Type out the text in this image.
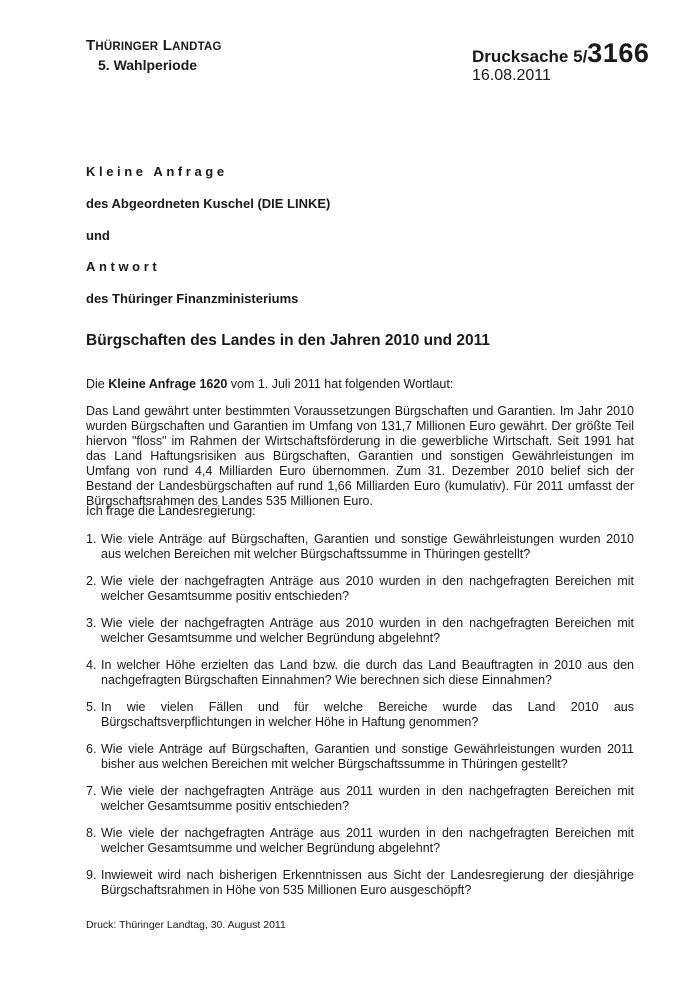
THÜRINGER LANDTAG
5. Wahlperiode	Drucksache 5/3166
16.08.2011
Kleine Anfrage
des Abgeordneten Kuschel (DIE LINKE)
und
Antwort
des Thüringer Finanzministeriums
Bürgschaften des Landes in den Jahren 2010 und 2011
Die Kleine Anfrage 1620 vom 1. Juli 2011 hat folgenden Wortlaut:
Das Land gewährt unter bestimmten Voraussetzungen Bürgschaften und Garantien. Im Jahr 2010 wurden Bürgschaften und Garantien im Umfang von 131,7 Millionen Euro gewährt. Der größte Teil hiervon "floss" im Rahmen der Wirtschaftsförderung in die gewerbliche Wirtschaft. Seit 1991 hat das Land Haftungsrisiken aus Bürgschaften, Garantien und sonstigen Gewährleistungen im Umfang von rund 4,4 Milliarden Euro übernommen. Zum 31. Dezember 2010 belief sich der Bestand der Landesbürgschaften auf rund 1,66 Milliarden Euro (kumulativ). Für 2011 umfasst der Bürgschaftsrahmen des Landes 535 Millionen Euro.
Ich frage die Landesregierung:
1. Wie viele Anträge auf Bürgschaften, Garantien und sonstige Gewährleistungen wurden 2010 aus welchen Bereichen mit welcher Bürgschaftssumme in Thüringen gestellt?
2. Wie viele der nachgefragten Anträge aus 2010 wurden in den nachgefragten Bereichen mit welcher Gesamtsumme positiv entschieden?
3. Wie viele der nachgefragten Anträge aus 2010 wurden in den nachgefragten Bereichen mit welcher Gesamtsumme und welcher Begründung abgelehnt?
4. In welcher Höhe erzielten das Land bzw. die durch das Land Beauftragten in 2010 aus den nachgefragten Bürgschaften Einnahmen? Wie berechnen sich diese Einnahmen?
5. In wie vielen Fällen und für welche Bereiche wurde das Land 2010 aus Bürgschaftsverpflichtungen in welcher Höhe in Haftung genommen?
6. Wie viele Anträge auf Bürgschaften, Garantien und sonstige Gewährleistungen wurden 2011 bisher aus welchen Bereichen mit welcher Bürgschaftssumme in Thüringen gestellt?
7. Wie viele der nachgefragten Anträge aus 2011 wurden in den nachgefragten Bereichen mit welcher Gesamtsumme positiv entschieden?
8. Wie viele der nachgefragten Anträge aus 2011 wurden in den nachgefragten Bereichen mit welcher Gesamtsumme und welcher Begründung abgelehnt?
9. Inwieweit wird nach bisherigen Erkenntnissen aus Sicht der Landesregierung der diesjährige Bürgschaftsrahmen in Höhe von 535 Millionen Euro ausgeschöpft?
Druck: Thüringer Landtag, 30. August 2011
